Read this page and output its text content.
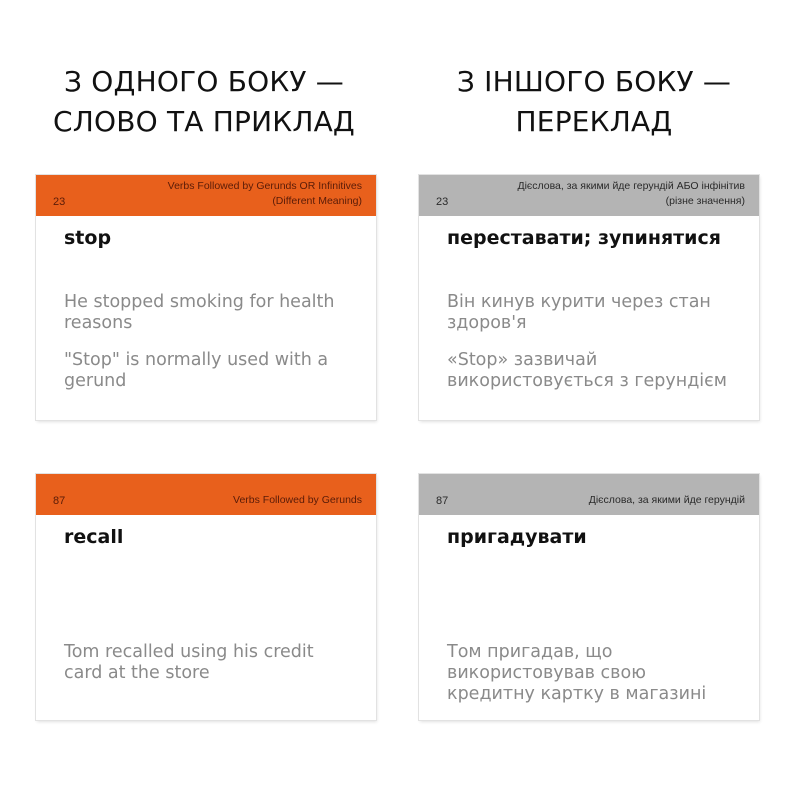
З ОДНОГО БОКУ —
СЛОВО ТА ПРИКЛАД
З ІНШОГО БОКУ —
ПЕРЕКЛАД
23
Verbs Followed by Gerunds OR Infinitives (Different Meaning)
stop

He stopped smoking for health reasons

"Stop" is normally used with a gerund

23
Дієслова, за якими йде герундій АБО інфінітив (різне значення)
переставати; зупинятися

Він кинув курити через стан здоров'я

«Stop» зазвичай використовується з герундієм

87	Verbs Followed by Gerunds
recall

Tom recalled using his credit card at the store

87	Дієслова, за якими йде герундій
пригадувати

Том пригадав, що використовував свою кредитну картку в магазині
